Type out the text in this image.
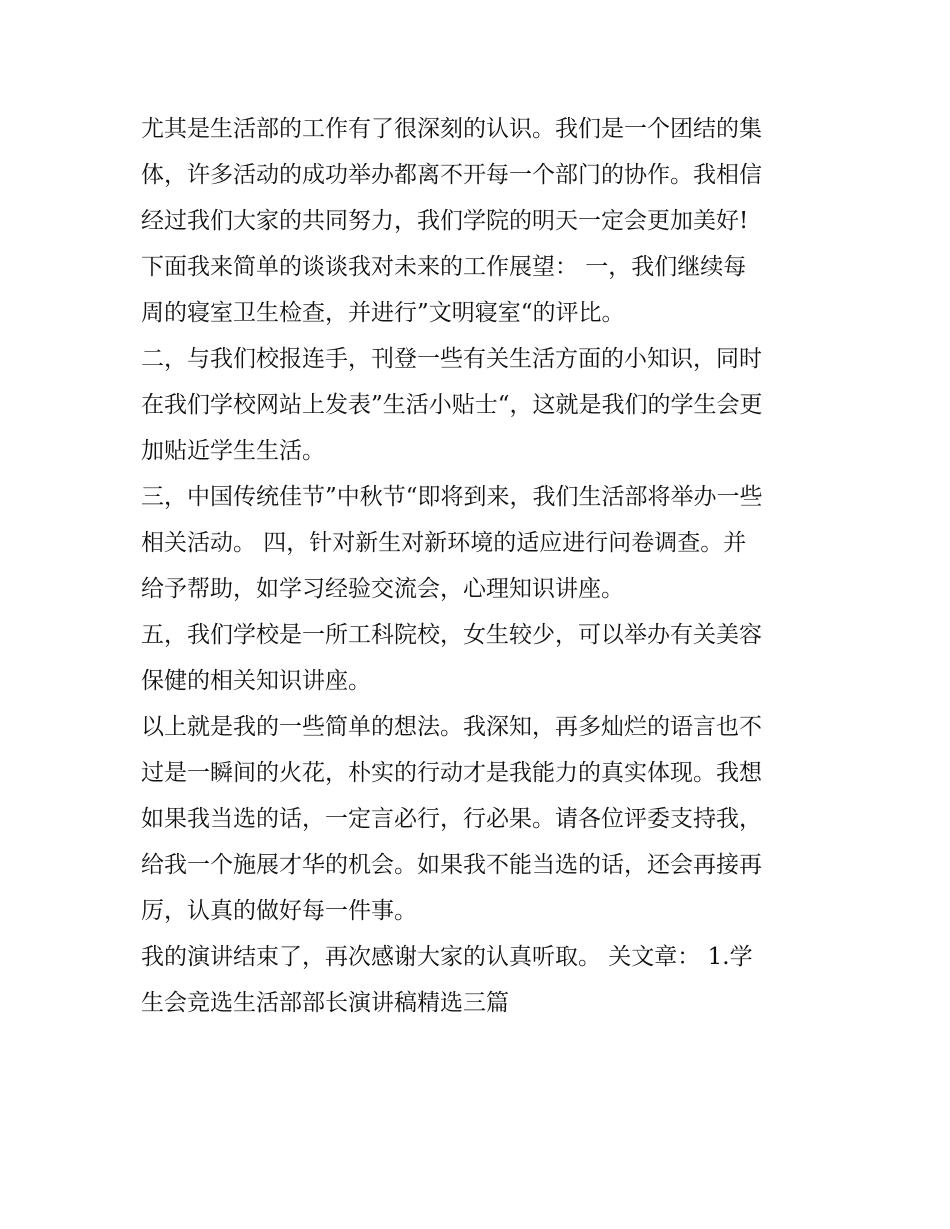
尤其是生活部的工作有了很深刻的认识。我们是一个团结的集
体，许多活动的成功举办都离不开每一个部门的协作。我相信
经过我们大家的共同努力，我们学院的明天一定会更加美好!
下面我来简单的谈谈我对未来的工作展望： 一，我们继续每
周的寝室卫生检查，并进行”文明寝室“的评比。
二，与我们校报连手，刊登一些有关生活方面的小知识，同时
在我们学校网站上发表”生活小贴士“，这就是我们的学生会更
加贴近学生生活。
三，中国传统佳节”中秋节“即将到来，我们生活部将举办一些
相关活动。 四，针对新生对新环境的适应进行问卷调查。并
给予帮助，如学习经验交流会，心理知识讲座。
五，我们学校是一所工科院校，女生较少，可以举办有关美容
保健的相关知识讲座。
以上就是我的一些简单的想法。我深知，再多灿烂的语言也不
过是一瞬间的火花，朴实的行动才是我能力的真实体现。我想
如果我当选的话，一定言必行，行必果。请各位评委支持我，
给我一个施展才华的机会。如果我不能当选的话，还会再接再
厉，认真的做好每一件事。
我的演讲结束了，再次感谢大家的认真听取。 关文章： 1.学
生会竞选生活部部长演讲稿精选三篇
